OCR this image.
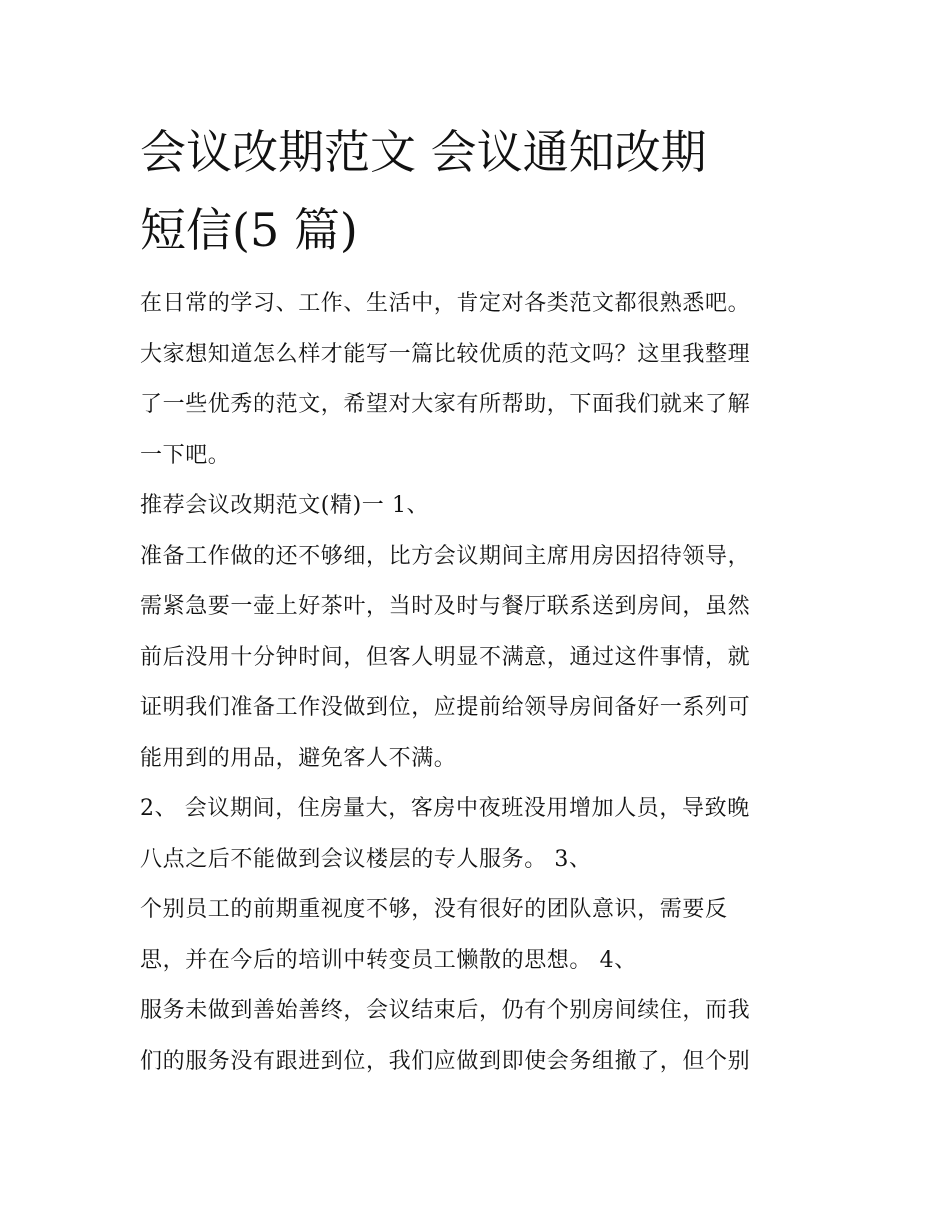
会议改期范文 会议通知改期
短信(5 篇)
在日常的学习、工作、生活中，肯定对各类范文都很熟悉吧。
大家想知道怎么样才能写一篇比较优质的范文吗？这里我整理
了一些优秀的范文，希望对大家有所帮助，下面我们就来了解
一下吧。
推荐会议改期范文(精)一 1、
准备工作做的还不够细，比方会议期间主席用房因招待领导，
需紧急要一壶上好茶叶，当时及时与餐厅联系送到房间，虽然
前后没用十分钟时间，但客人明显不满意，通过这件事情，就
证明我们准备工作没做到位，应提前给领导房间备好一系列可
能用到的用品，避免客人不满。
2、 会议期间，住房量大，客房中夜班没用增加人员，导致晚
八点之后不能做到会议楼层的专人服务。 3、
个别员工的前期重视度不够，没有很好的团队意识，需要反
思，并在今后的培训中转变员工懒散的思想。 4、
服务未做到善始善终，会议结束后，仍有个别房间续住，而我
们的服务没有跟进到位，我们应做到即使会务组撤了，但个别
